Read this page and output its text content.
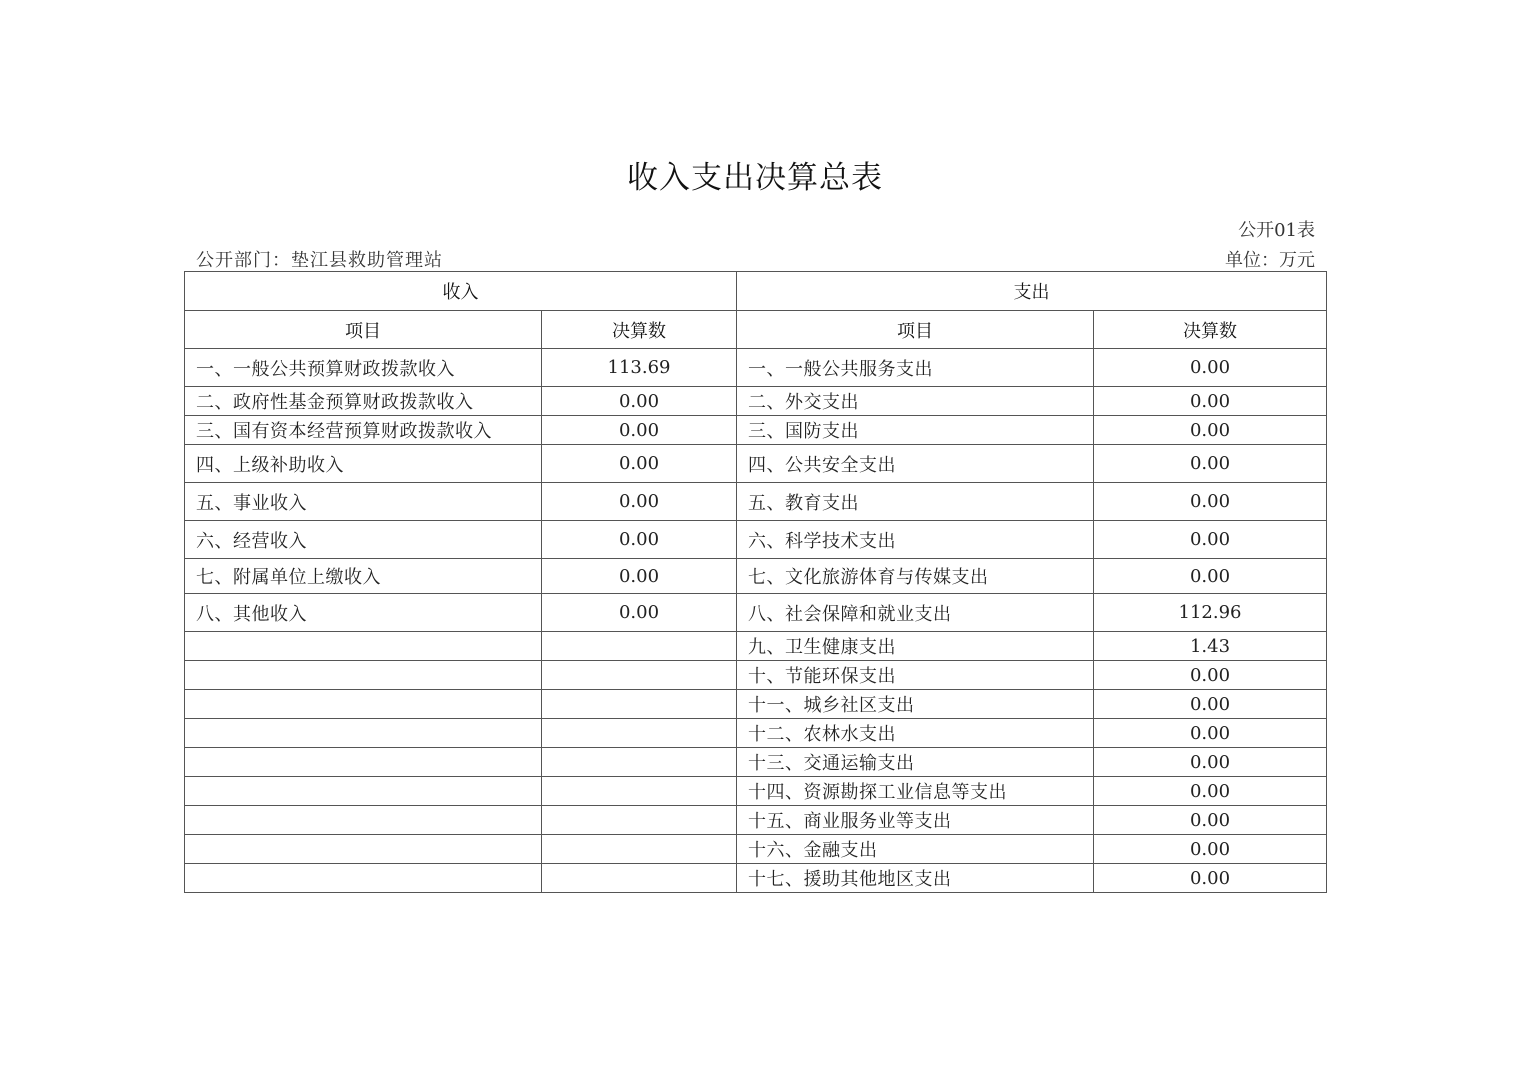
收入支出决算总表
公开01表
公开部门：垫江县救助管理站	单位：万元
收入		支出	
项目	决算数	项目	决算数
一、一般公共预算财政拨款收入	113.69	一、一般公共服务支出	0.00
二、政府性基金预算财政拨款收入	0.00	二、外交支出	0.00
三、国有资本经营预算财政拨款收入	0.00	三、国防支出	0.00
四、上级补助收入	0.00	四、公共安全支出	0.00
五、事业收入	0.00	五、教育支出	0.00
六、经营收入	0.00	六、科学技术支出	0.00
七、附属单位上缴收入	0.00	七、文化旅游体育与传媒支出	0.00
八、其他收入	0.00	八、社会保障和就业支出	112.96
		九、卫生健康支出	1.43
		十、节能环保支出	0.00
		十一、城乡社区支出	0.00
		十二、农林水支出	0.00
		十三、交通运输支出	0.00
		十四、资源勘探工业信息等支出	0.00
		十五、商业服务业等支出	0.00
		十六、金融支出	0.00
		十七、援助其他地区支出	0.00
